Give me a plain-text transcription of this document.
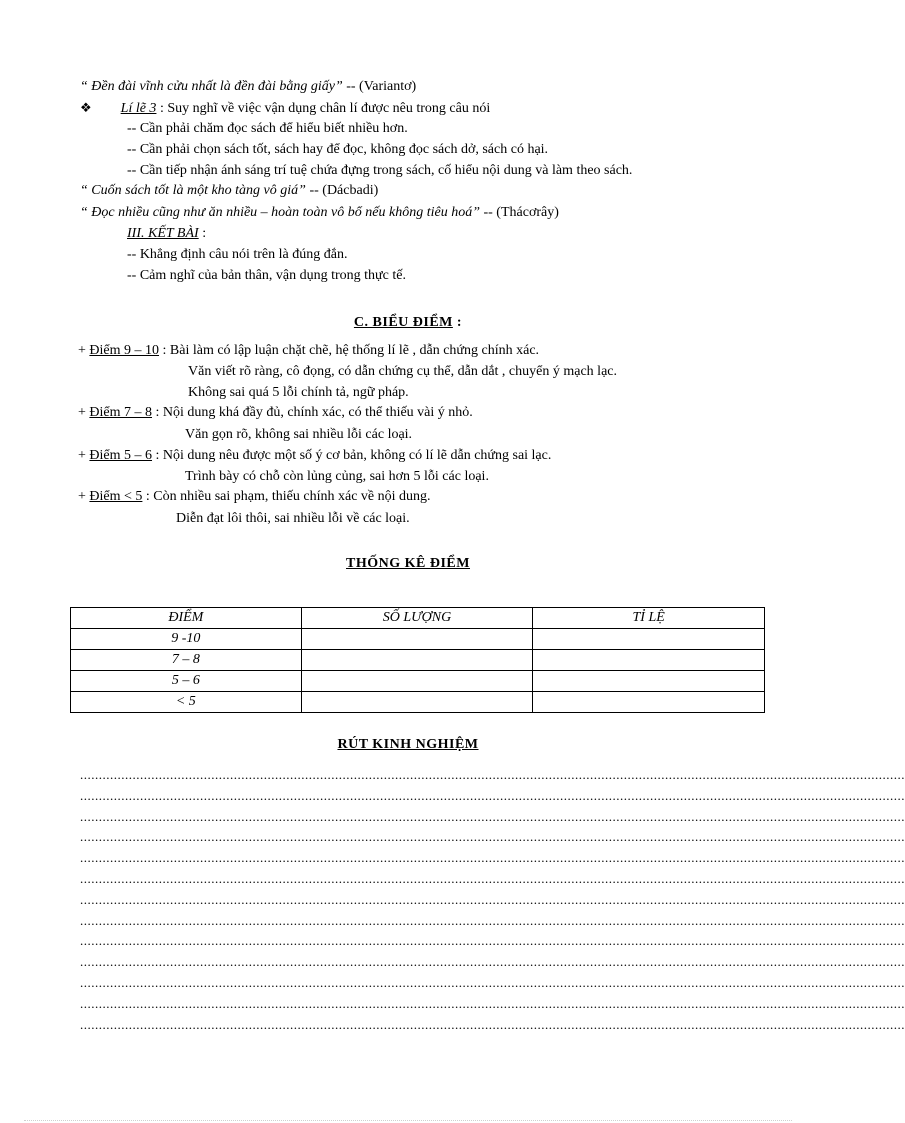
“ Đền đài vĩnh cửu nhất là đền đài bằng giấy” -- (Variantơ)
❖ Lí lẽ 3 : Suy nghĩ về việc vận dụng chân lí được nêu trong câu nói
-- Cần phải chăm đọc sách để hiểu biết nhiều hơn.
-- Cần phải chọn sách tốt, sách hay để đọc, không đọc sách dở, sách có hại.
-- Cần tiếp nhận ánh sáng trí tuệ chứa đựng trong sách, cố hiểu nội dung và làm theo sách.
“ Cuốn sách tốt là một kho tàng vô giá” -- (Dácbadi)
“ Đọc nhiều cũng như ăn nhiều – hoàn toàn vô bổ nếu không tiêu hoá” -- (Thácơrây)
III. KẾT BÀI :
-- Khẳng định câu nói trên là đúng đắn.
-- Cảm nghĩ của bản thân, vận dụng trong thực tế.
C. BIỂU ĐIỂM :
+ Điểm 9 – 10 : Bài làm có lập luận chặt chẽ, hệ thống lí lẽ , dẫn chứng chính xác.
Văn viết rõ ràng, cô đọng, có dẫn chứng cụ thể, dẫn dắt , chuyển ý mạch lạc.
Không sai quá 5 lỗi chính tả, ngữ pháp.
+ Điểm 7 – 8 : Nội dung khá đầy đủ, chính xác, có thể thiếu vài ý nhỏ.
Văn gọn rõ, không sai nhiều lỗi các loại.
+ Điểm 5 – 6 : Nội dung nêu được một số ý cơ bản, không có lí lẽ dẫn chứng sai lạc.
Trình bày có chỗ còn lủng củng, sai hơn 5 lỗi các loại.
+ Điểm < 5 : Còn nhiều sai phạm, thiếu chính xác về nội dung.
Diễn đạt lôi thôi, sai nhiều lỗi về các loại.
THỐNG KÊ ĐIỂM
ĐIỂM	SỐ LƯỢNG	TỈ LỆ
9 -10		
7 – 8		
5 – 6		
< 5		
RÚT KINH NGHIỆM
............................................................................................................................................................................................................................
............................................................................................................................................................................................................................
............................................................................................................................................................................................................................
............................................................................................................................................................................................................................
............................................................................................................................................................................................................................
............................................................................................................................................................................................................................
............................................................................................................................................................................................................................
............................................................................................................................................................................................................................
............................................................................................................................................................................................................................
............................................................................................................................................................................................................................
............................................................................................................................................................................................................................
............................................................................................................................................................................................................................
............................................................................................................................................................................................................................
